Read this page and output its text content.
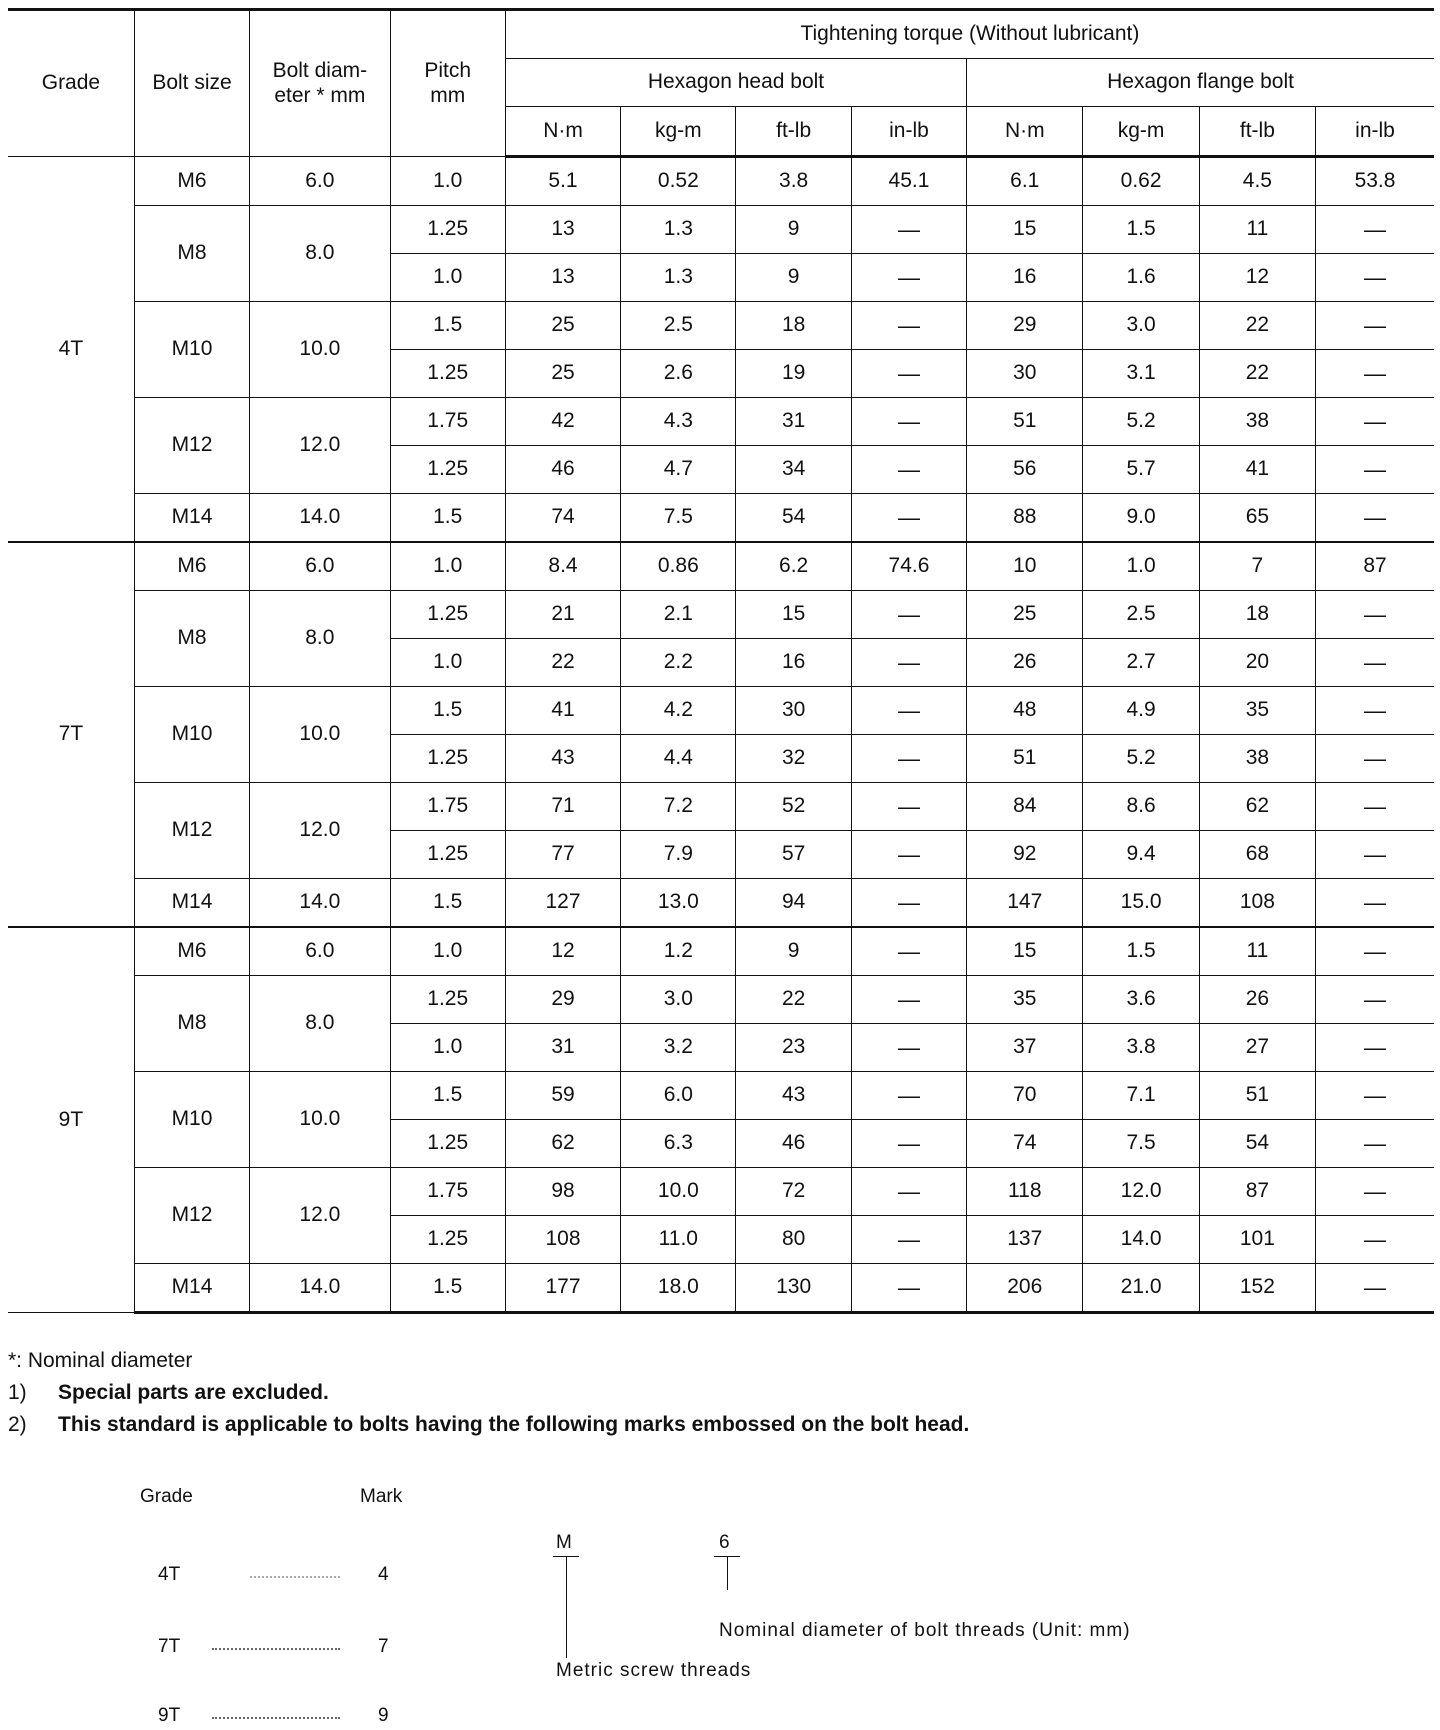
Grade	Bolt size	Bolt diam- eter * mm	Pitch mm	Tightening torque (Without lubricant)							
				Hexagon head bolt				Hexagon flange bolt			
				N·m	kg-m	ft-lb	in-lb	N·m	kg-m	ft-lb	in-lb
4T	M6	6.0	1.0	5.1	0.52	3.8	45.1	6.1	0.62	4.5	53.8
	M8	8.0	1.25	13	1.3	9	—	15	1.5	11	—
			1.0	13	1.3	9	—	16	1.6	12	—
	M10	10.0	1.5	25	2.5	18	—	29	3.0	22	—
			1.25	25	2.6	19	—	30	3.1	22	—
	M12	12.0	1.75	42	4.3	31	—	51	5.2	38	—
			1.25	46	4.7	34	—	56	5.7	41	—
	M14	14.0	1.5	74	7.5	54	—	88	9.0	65	—
7T	M6	6.0	1.0	8.4	0.86	6.2	74.6	10	1.0	7	87
	M8	8.0	1.25	21	2.1	15	—	25	2.5	18	—
			1.0	22	2.2	16	—	26	2.7	20	—
	M10	10.0	1.5	41	4.2	30	—	48	4.9	35	—
			1.25	43	4.4	32	—	51	5.2	38	—
	M12	12.0	1.75	71	7.2	52	—	84	8.6	62	—
			1.25	77	7.9	57	—	92	9.4	68	—
	M14	14.0	1.5	127	13.0	94	—	147	15.0	108	—
9T	M6	6.0	1.0	12	1.2	9	—	15	1.5	11	—
	M8	8.0	1.25	29	3.0	22	—	35	3.6	26	—
			1.0	31	3.2	23	—	37	3.8	27	—
	M10	10.0	1.5	59	6.0	43	—	70	7.1	51	—
			1.25	62	6.3	46	—	74	7.5	54	—
	M12	12.0	1.75	98	10.0	72	—	118	12.0	87	—
			1.25	108	11.0	80	—	137	14.0	101	—
	M14	14.0	1.5	177	18.0	130	—	206	21.0	152	—
*: Nominal diameter
1) Special parts are excluded.
2) This standard is applicable to bolts having the following marks embossed on the bolt head.
Grade	Mark
4T	4
7T	7
9T	9
M
Metric screw threads
6
Nominal diameter of bolt threads (Unit: mm)
